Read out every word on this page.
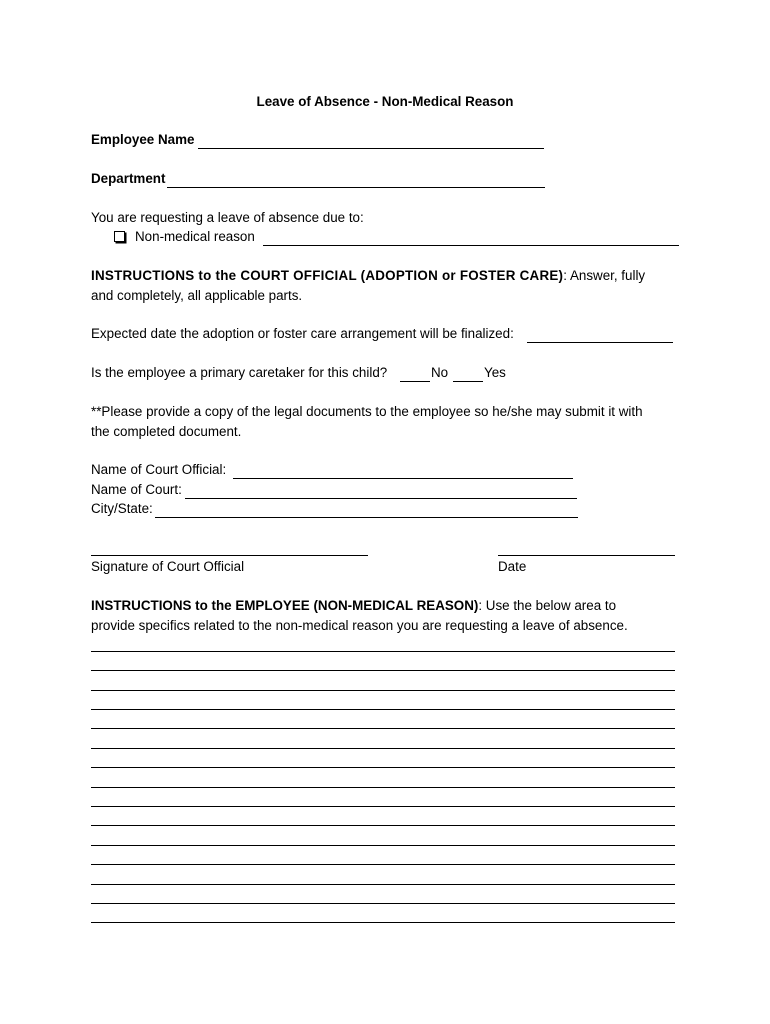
Leave of Absence - Non-Medical Reason
Employee Name
Department
You are requesting a leave of absence due to:
Non-medical reason
INSTRUCTIONS to the COURT OFFICIAL (ADOPTION or FOSTER CARE): Answer, fully
and completely, all applicable parts.
Expected date the adoption or foster care arrangement will be finalized:
Is the employee a primary caretaker for this child?	No	Yes
**Please provide a copy of the legal documents to the employee so he/she may submit it with
the completed document.
Name of Court Official:
Name of Court:
City/State:
Signature of Court Official	Date
INSTRUCTIONS to the EMPLOYEE (NON-MEDICAL REASON): Use the below area to
provide specifics related to the non-medical reason you are requesting a leave of absence.
